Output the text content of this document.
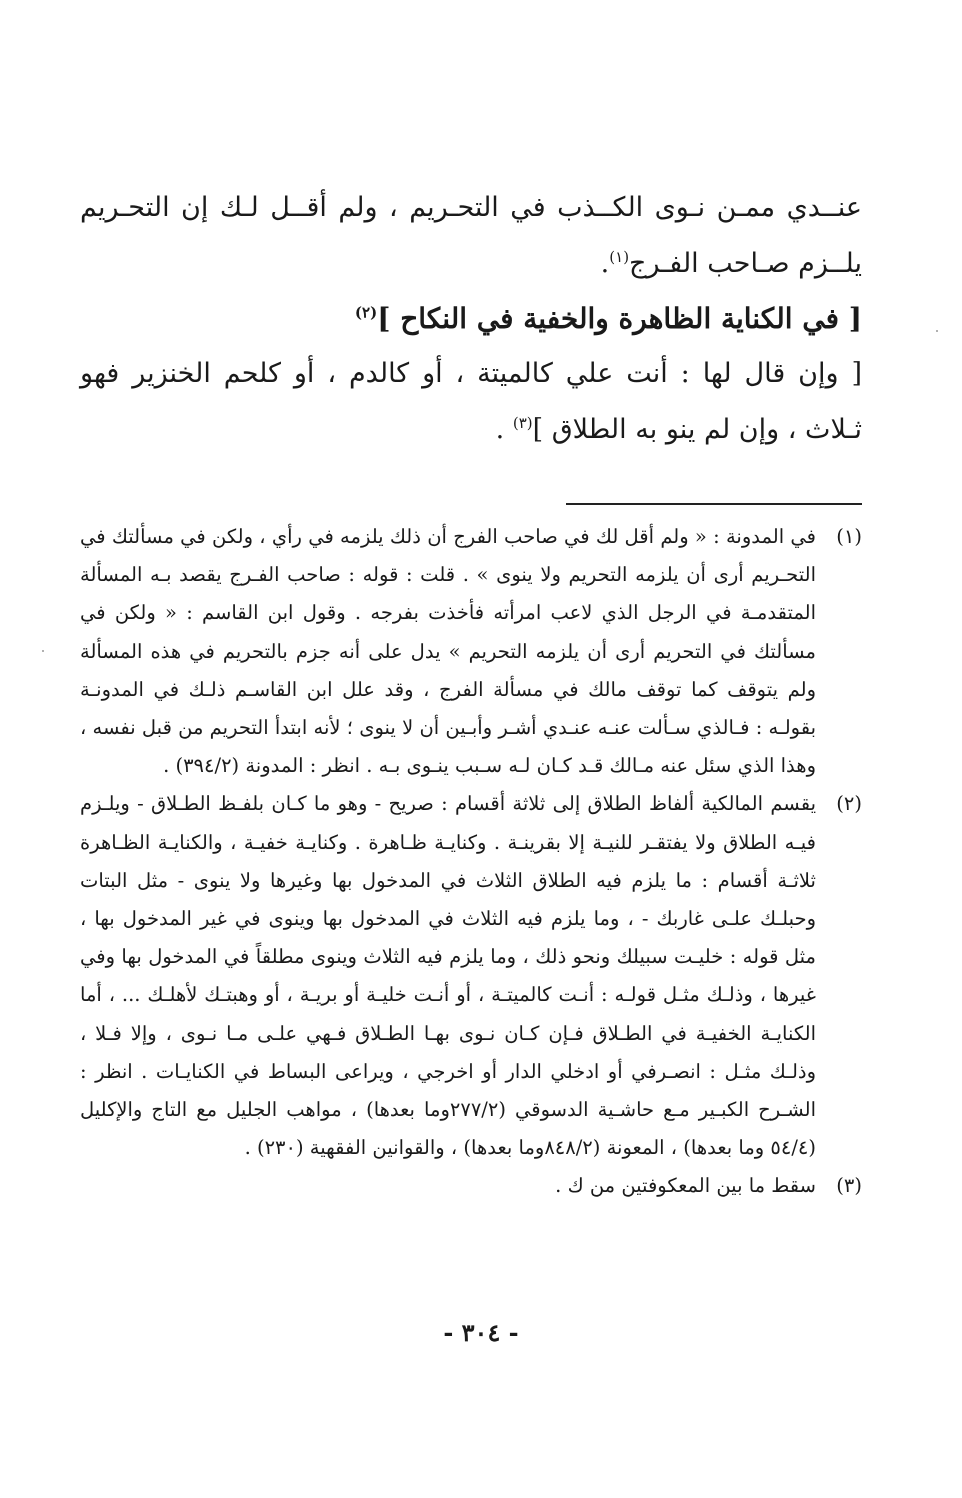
عنــدي ممـن نـوى الكــذب في التحـريم ، ولم أقــل لـك إن التحـريم يلــزم صـاحب الفـرج$^{(١)}$.

[ في الكناية الظاهرة والخفية في النكاح ]$^{(٢)}$

[ وإن قال لها : أنت علي كالميتة ، أو كالدم ، أو كلحم الخنزير فهو ثـلاث ، وإن لم ينو به الطلاق ]$^{(٣)}$ .

(١)
في المدونة : « ولم أقل لك في صاحب الفرج أن ذلك يلزمه في رأي ، ولكن في مسألتك في التحـريم أرى أن يلزمه التحريم ولا ينوى » . قلت : قوله : صاحب الفـرج يقصد بـه المسألة المتقدمـة في الرجل الذي لاعب امرأته فأخذت بفرجه . وقول ابن القاسم : « ولكن في مسألتك في التحريم أرى أن يلزمه التحريم » يدل على أنه جزم بالتحريم في هذه المسألة ولم يتوقف كما توقف مالك في مسألة الفرج ، وقد علل ابن القاسـم ذلـك في المدونـة بقولـه : فـالذي سـألت عنـه عنـدي أشـر وأبـين أن لا ينوى ؛ لأنه ابتدأ التحريم من قبل نفسه ، وهذا الذي سئل عنه مـالك قـد كـان لـه سـبب ينـوى بـه . انظر : المدونة (٣٩٤/٢) .

(٢)
يقسم المالكية ألفاظ الطلاق إلى ثلاثة أقسام : صريح - وهو ما كـان بلفـظ الطـلاق - ويلـزم فيـه الطلاق ولا يفتقـر للنيـة إلا بقرينـة . وكنايـة ظـاهرة . وكنايـة خفيـة ، والكنايـة الظـاهرة ثلاثـة أقسام : ما يلزم فيه الطلاق الثلاث في المدخول بها وغيرها ولا ينوى - مثل البتات وحبلـك علـى غاربك - ، وما يلزم فيه الثلاث في المدخول بها وينوى في غير المدخول بها ، مثل قوله : خليـت سبيلك ونحو ذلك ، وما يلزم فيه الثلاث وينوى مطلقاً في المدخول بها وفي غيرها ، وذلـك مثـل قولـه : أنـت كالميتـة ، أو أنـت خليـة أو بريـة ، أو وهبتـك لأهلـك ... ، أما الكنايـة الخفيـة في الطـلاق فـإن كـان نـوى بهـا الطـلاق فـهي علـى مـا نـوى ، وإلا فـلا ، وذلـك مثـل : انصـرفي أو ادخلي الدار أو اخرجي ، ويراعى البساط في الكنايـات . انظر : الشـرح الكبـير مـع حاشـية الدسوقي (٢٧٧/٢وما بعدها) ، مواهب الجليل مع التاج والإكليل (٥٤/٤ وما بعدها) ، المعونة (٨٤٨/٢وما بعدها) ، والقوانين الفقهية (٢٣٠) .

(٣)
سقط ما بين المعكوفتين من ك .

- ٣٠٤ -
